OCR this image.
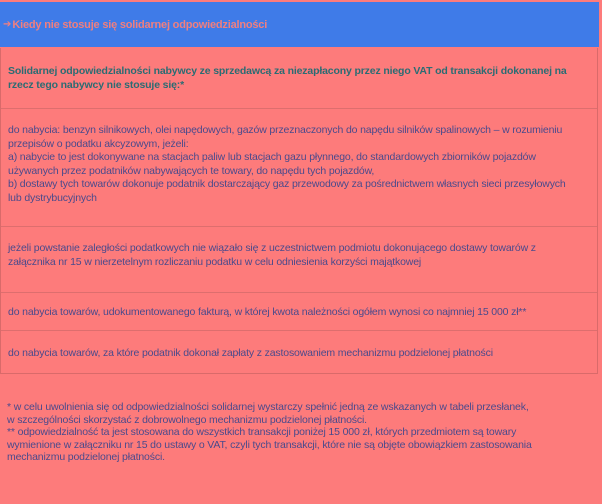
➔ Kiedy nie stosuje się solidarnej odpowiedzialności

Solidarnej odpowiedzialności nabywcy ze sprzedawcą za niezapłacony przez niego VAT od transakcji dokonanej na rzecz tego nabywcy nie stosuje się:*

do nabycia: benzyn silnikowych, olei napędowych, gazów przeznaczonych do napędu silników spalinowych – w rozumieniu
przepisów o podatku akcyzowym, jeżeli:
a) nabycie to jest dokonywane na stacjach paliw lub stacjach gazu płynnego, do standardowych zbiorników pojazdów
używanych przez podatników nabywających te towary, do napędu tych pojazdów,
b) dostawy tych towarów dokonuje podatnik dostarczający gaz przewodowy za pośrednictwem własnych sieci przesyłowych
lub dystrybucyjnych

jeżeli powstanie zaległości podatkowych nie wiązało się z uczestnictwem podmiotu dokonującego dostawy towarów z
załącznika nr 15 w nierzetelnym rozliczaniu podatku w celu odniesienia korzyści majątkowej

do nabycia towarów, udokumentowanego fakturą, w której kwota należności ogółem wynosi co najmniej 15 000 zł**

do nabycia towarów, za które podatnik dokonał zapłaty z zastosowaniem mechanizmu podzielonej płatności

* w celu uwolnienia się od odpowiedzialności solidarnej wystarczy spełnić jedną ze wskazanych w tabeli przesłanek,
w szczególności skorzystać z dobrowolnego mechanizmu podzielonej płatności.

** odpowiedzialność ta jest stosowana do wszystkich transakcji poniżej 15 000 zł, których przedmiotem są towary
wymienione w załączniku nr 15 do ustawy o VAT, czyli tych transakcji, które nie są objęte obowiązkiem zastosowania
mechanizmu podzielonej płatności.
